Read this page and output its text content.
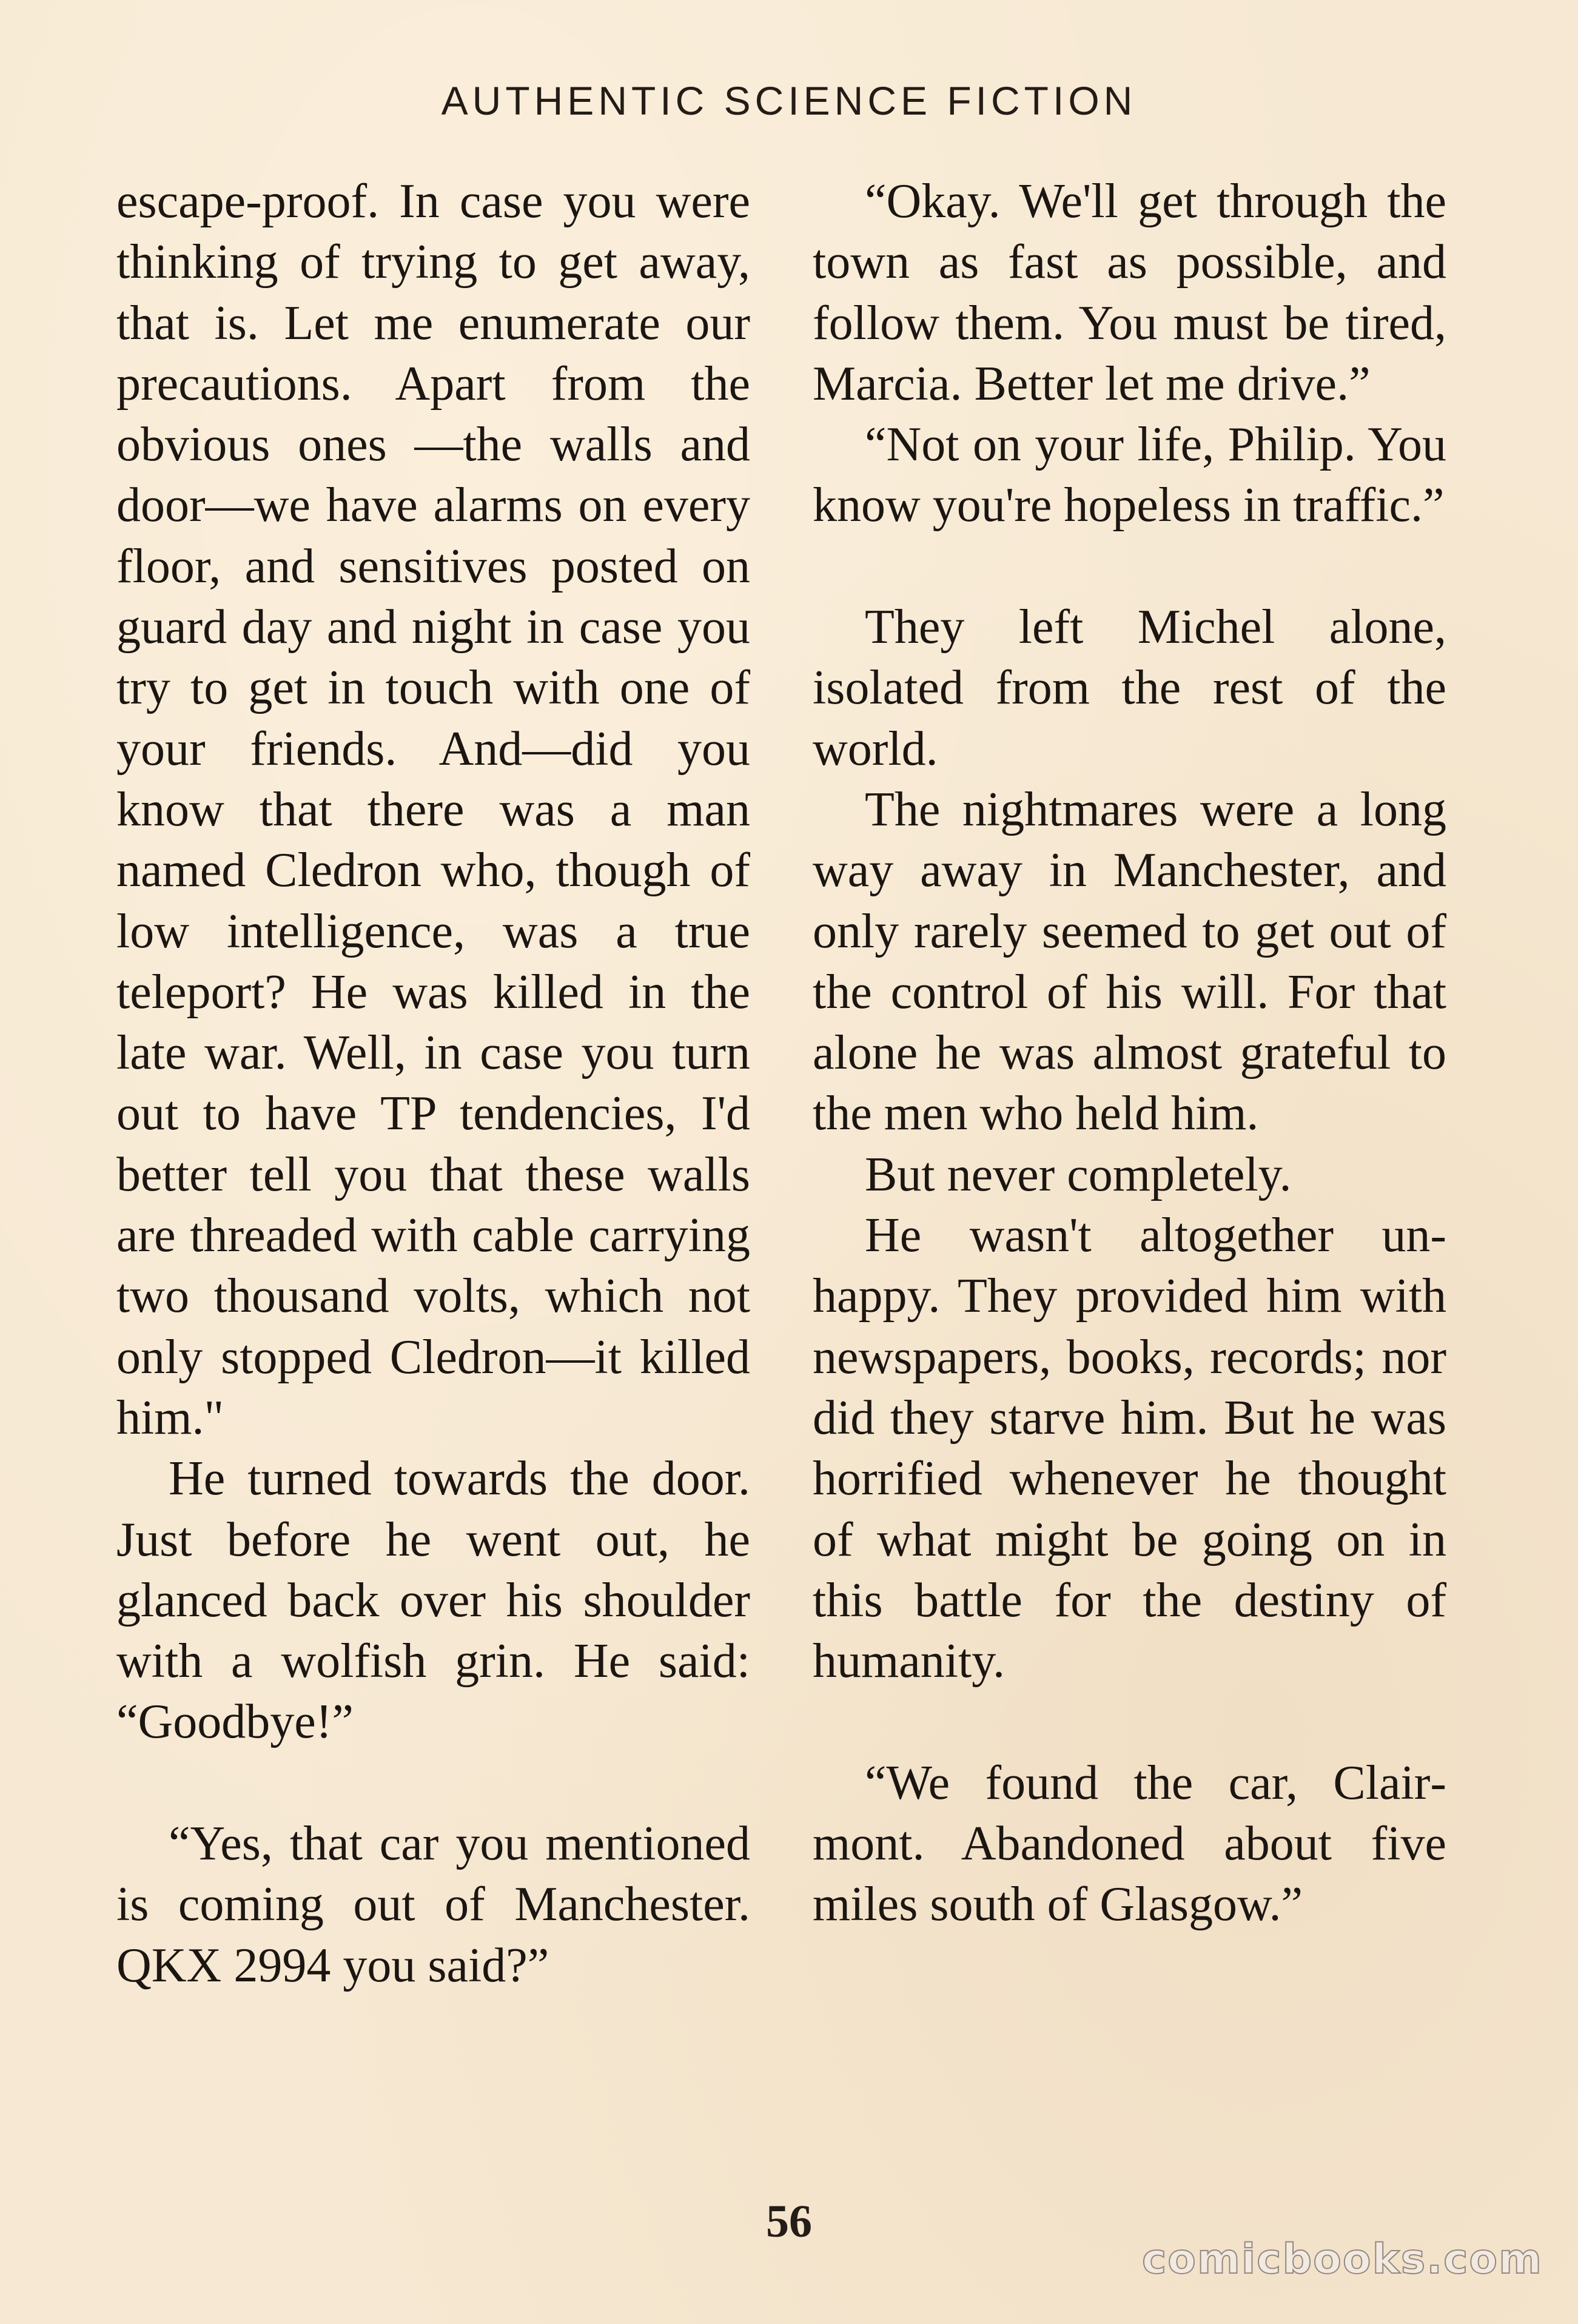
AUTHENTIC SCIENCE FICTION

escape-proof. In case you were thinking of trying to get away, that is. Let me enumerate our precautions. Apart from the obvious ones —the walls and door—we have alarms on every floor, and sensitives posted on guard day and night in case you try to get in touch with one of your friends. And—did you know that there was a man named Cledron who, though of low intelligence, was a true teleport? He was killed in the late war. Well, in case you turn out to have TP tendencies, I'd better tell you that these walls are threaded with cable carrying two thousand volts, which not only stopped Cledron—it killed him."

He turned towards the door. Just before he went out, he glanced back over his shoulder with a wolfish grin. He said: “Goodbye!”

“Yes, that car you mentioned is coming out of Manchester. QKX 2994 you said?”

“Okay. We'll get through the town as fast as possible, and follow them. You must be tired, Marcia. Better let me drive.”

“Not on your life, Philip. You know you're hopeless in traffic.”

They left Michel alone, isolated from the rest of the world.

The nightmares were a long way away in Manchester, and only rarely seemed to get out of the control of his will. For that alone he was almost grateful to the men who held him.

But never completely.

He wasn't altogether unhappy. They provided him with newspapers, books, records; nor did they starve him. But he was horrified whenever he thought of what might be going on in this battle for the destiny of humanity.

“We found the car, Clairmont. Abandoned about five miles south of Glasgow.”

56
comicbooks.com
